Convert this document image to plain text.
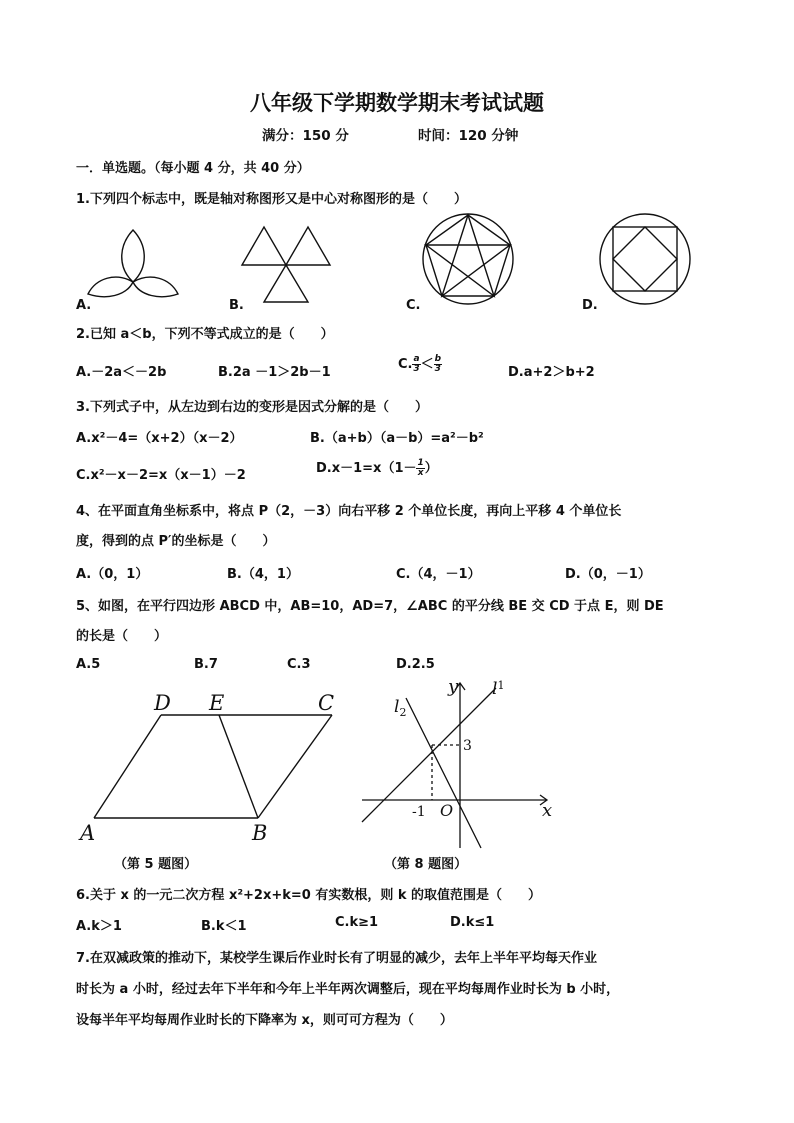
八年级下学期数学期末考试试题
满分：150 分	时间：120 分钟
一．单选题。（每小题 4 分，共 40 分）
1.下列四个标志中，既是轴对称图形又是中心对称图形的是（　　）
A.	B.	C.	D.
2.已知 a＜b，下列不等式成立的是（　　）
A.－2a＜－2b	B.2a －1＞2b－1
C. $\frac{a}{3} < \frac{b}{3}$	D.a+2＞b+2
3.下列式子中，从左边到右边的变形是因式分解的是（　　）
A.x²－4=（x+2）（x－2）	B.（a+b）（a－b）=a²－b²
C.x²－x－2=x（x－1）－2	$D.x-1=x(1- \frac{1}{x}$ ）
4、在平面直角坐标系中，将点 P（2，－3）向右平移 2 个单位长度，再向上平移 4 个单位长
度，得到的点 P′的坐标是（　　）
A.（0，1）	B.（4，1）	C.（4，－1）	D.（0，－1）
5、如图，在平行四边形 ABCD 中，AB=10，AD=7，∠ABC 的平分线 BE 交 CD 于点 E，则 DE
的长是（　　）
A.5	B.7	C.3	D.2.5
D E	C
A	B
（第 5 题图）
$l^1$
$l_2$
y
x
O
3
-1
（第 8 题图）
6.关于 x 的一元二次方程 x²+2x+k=0 有实数根，则 k 的取值范围是（　　）
A.k＞1	B.k＜1	C.k≥1	D.k≤1
7.在双减政策的推动下，某校学生课后作业时长有了明显的减少，去年上半年平均每天作业
时长为 a 小时，经过去年下半年和今年上半年两次调整后，现在平均每周作业时长为 b 小时，
设每半年平均每周作业时长的下降率为 x，则可可方程为（　　）
